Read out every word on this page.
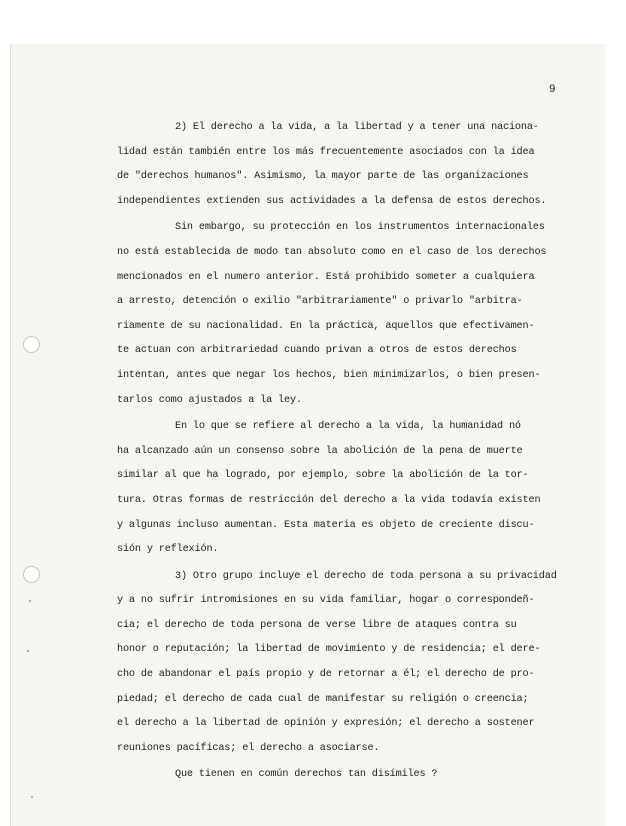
9
2) El derecho a la vida, a la libertad y a tener una naciona-
lidad están también entre los más frecuentemente asociados con la idea
de "derechos humanos". Asimismo, la mayor parte de las organizaciones
independientes extienden sus actividades a la defensa de estos derechos.
Sin embargo, su protección en los instrumentos internacionales
no está establecida de modo tan absoluto como en el caso de los derechos
mencionados en el numero anterior. Está prohibido someter a cualquiera
a arresto, detención o exilio "arbitrariamente" o privarlo "arbitra-
riamente de su nacionalidad. En la práctica, aquellos que efectivamen-
te actuan con arbitrariedad cuando privan a otros de estos derechos
intentan, antes que negar los hechos, bien minimizarlos, o bien presen-
tarlos como ajustados a la ley.
En lo que se refiere al derecho a la vida, la humanidad nó
ha alcanzado aún un consenso sobre la abolición de la pena de muerte
similar al que ha logrado, por ejemplo, sobre la abolición de la tor-
tura. Otras formas de restricción del derecho a la vida todavía existen
y algunas incluso aumentan. Esta materia es objeto de creciente discu-
sión y reflexión.
3) Otro grupo incluye el derecho de toda persona a su privacidad
y a no sufrir intromisiones en su vida familiar, hogar o correspondeñ-
cia; el derecho de toda persona de verse libre de ataques contra su
honor o reputación; la libertad de movimiento y de residencia; el dere-
cho de abandonar el país propio y de retornar a él; el derecho de pro-
piedad; el derecho de cada cual de manifestar su religión o creencia;
el derecho a la libertad de opinión y expresión; el derecho a sostener
reuniones pacíficas; el derecho a asociarse.
Que tienen en común derechos tan disímiles ?
